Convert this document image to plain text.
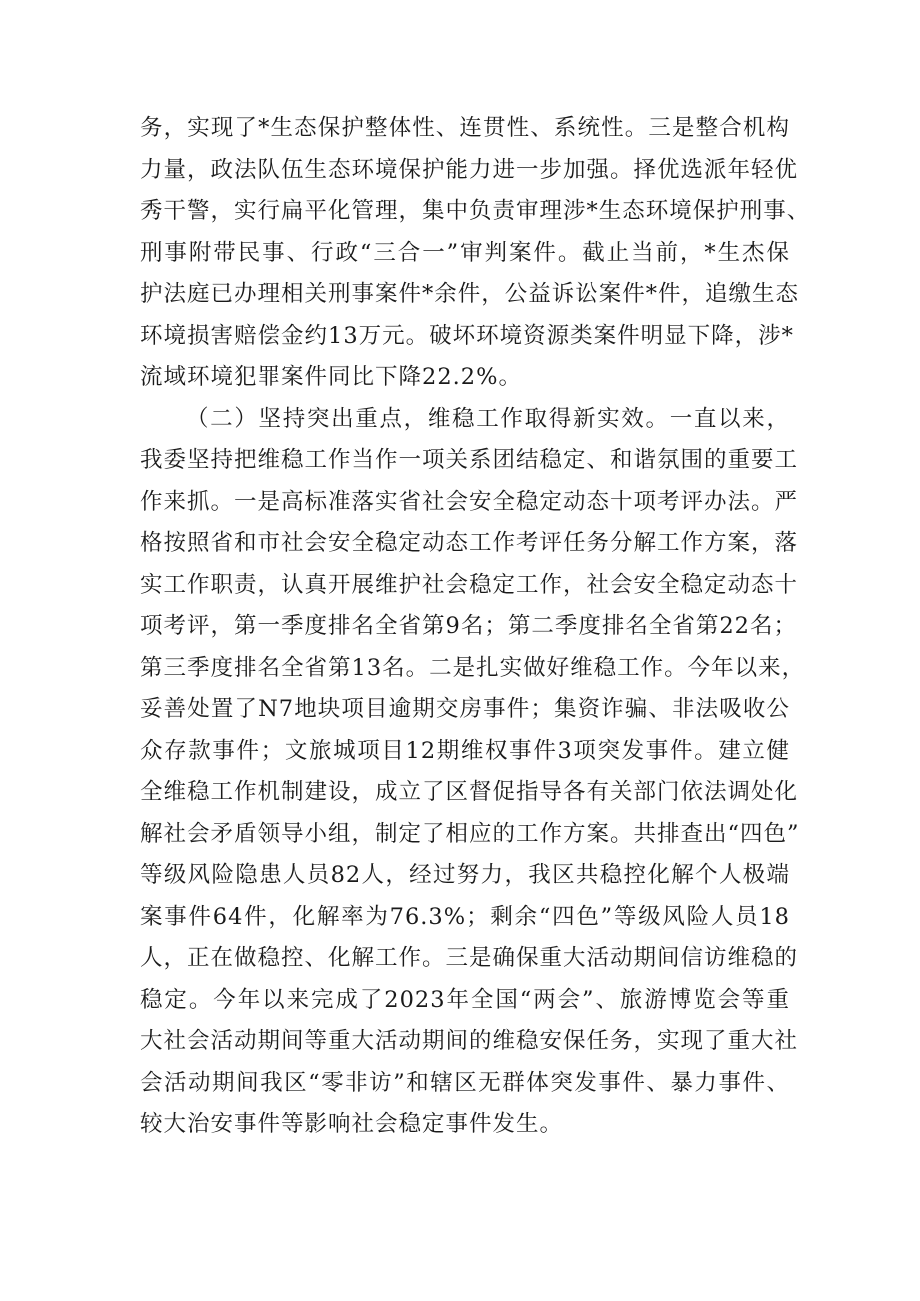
务，实现了*生态保护整体性、连贯性、系统性。三是整合机构
力量，政法队伍生态环境保护能力进一步加强。择优选派年轻优
秀干警，实行扁平化管理，集中负责审理涉*生态环境保护刑事、
刑事附带民事、行政“三合一”审判案件。截止当前，*生杰保
护法庭已办理相关刑事案件*余件，公益诉讼案件*件，追缴生态
环境损害赔偿金约13万元。破坏环境资源类案件明显下降，涉*
流域环境犯罪案件同比下降22.2%。
（二）坚持突出重点，维稳工作取得新实效。一直以来，
我委坚持把维稳工作当作一项关系团结稳定、和谐氛围的重要工
作来抓。一是高标准落实省社会安全稳定动态十项考评办法。严
格按照省和市社会安全稳定动态工作考评任务分解工作方案，落
实工作职责，认真开展维护社会稳定工作，社会安全稳定动态十
项考评，第一季度排名全省第9名；第二季度排名全省第22名；
第三季度排名全省第13名。二是扎实做好维稳工作。今年以来，
妥善处置了N7地块项目逾期交房事件；集资诈骗、非法吸收公
众存款事件；文旅城项目12期维权事件3项突发事件。建立健
全维稳工作机制建设，成立了区督促指导各有关部门依法调处化
解社会矛盾领导小组，制定了相应的工作方案。共排查出“四色”
等级风险隐患人员82人，经过努力，我区共稳控化解个人极端
案事件64件，化解率为76.3%；剩余“四色”等级风险人员18
人，正在做稳控、化解工作。三是确保重大活动期间信访维稳的
稳定。今年以来完成了2023年全国“两会”、旅游博览会等重
大社会活动期间等重大活动期间的维稳安保任务，实现了重大社
会活动期间我区“零非访”和辖区无群体突发事件、暴力事件、
较大治安事件等影响社会稳定事件发生。
